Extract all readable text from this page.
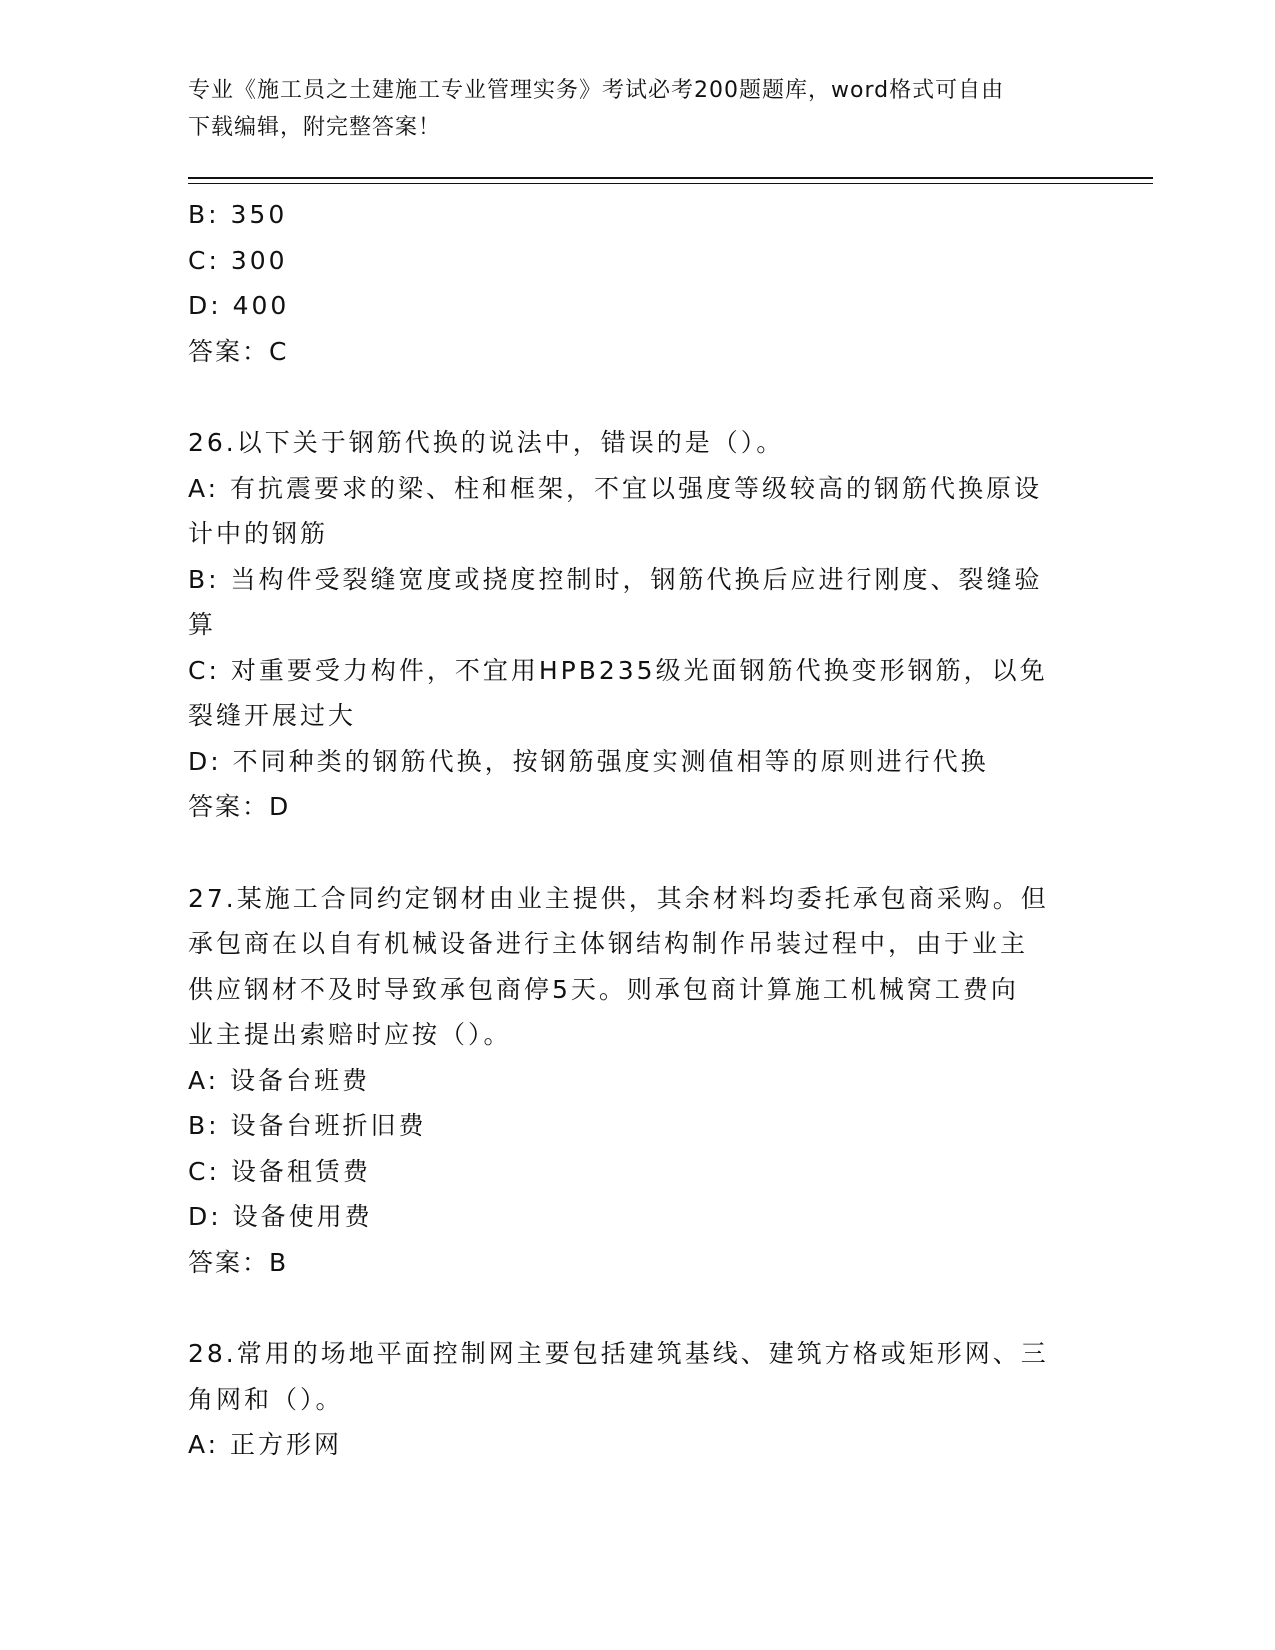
专业《施工员之土建施工专业管理实务》考试必考200题题库，word格式可自由
下载编辑，附完整答案！

B: 350

C: 300

D: 400

答案：C

26.以下关于钢筋代换的说法中，错误的是（）。

A: 有抗震要求的梁、柱和框架，不宜以强度等级较高的钢筋代换原设
计中的钢筋

B: 当构件受裂缝宽度或挠度控制时，钢筋代换后应进行刚度、裂缝验
算

C: 对重要受力构件，不宜用HPB235级光面钢筋代换变形钢筋，以免
裂缝开展过大

D: 不同种类的钢筋代换，按钢筋强度实测值相等的原则进行代换

答案：D

27.某施工合同约定钢材由业主提供，其余材料均委托承包商采购。但
承包商在以自有机械设备进行主体钢结构制作吊装过程中，由于业主
供应钢材不及时导致承包商停5天。则承包商计算施工机械窝工费向
业主提出索赔时应按（）。

A: 设备台班费

B: 设备台班折旧费

C: 设备租赁费

D: 设备使用费

答案：B

28.常用的场地平面控制网主要包括建筑基线、建筑方格或矩形网、三
角网和（）。

A: 正方形网
